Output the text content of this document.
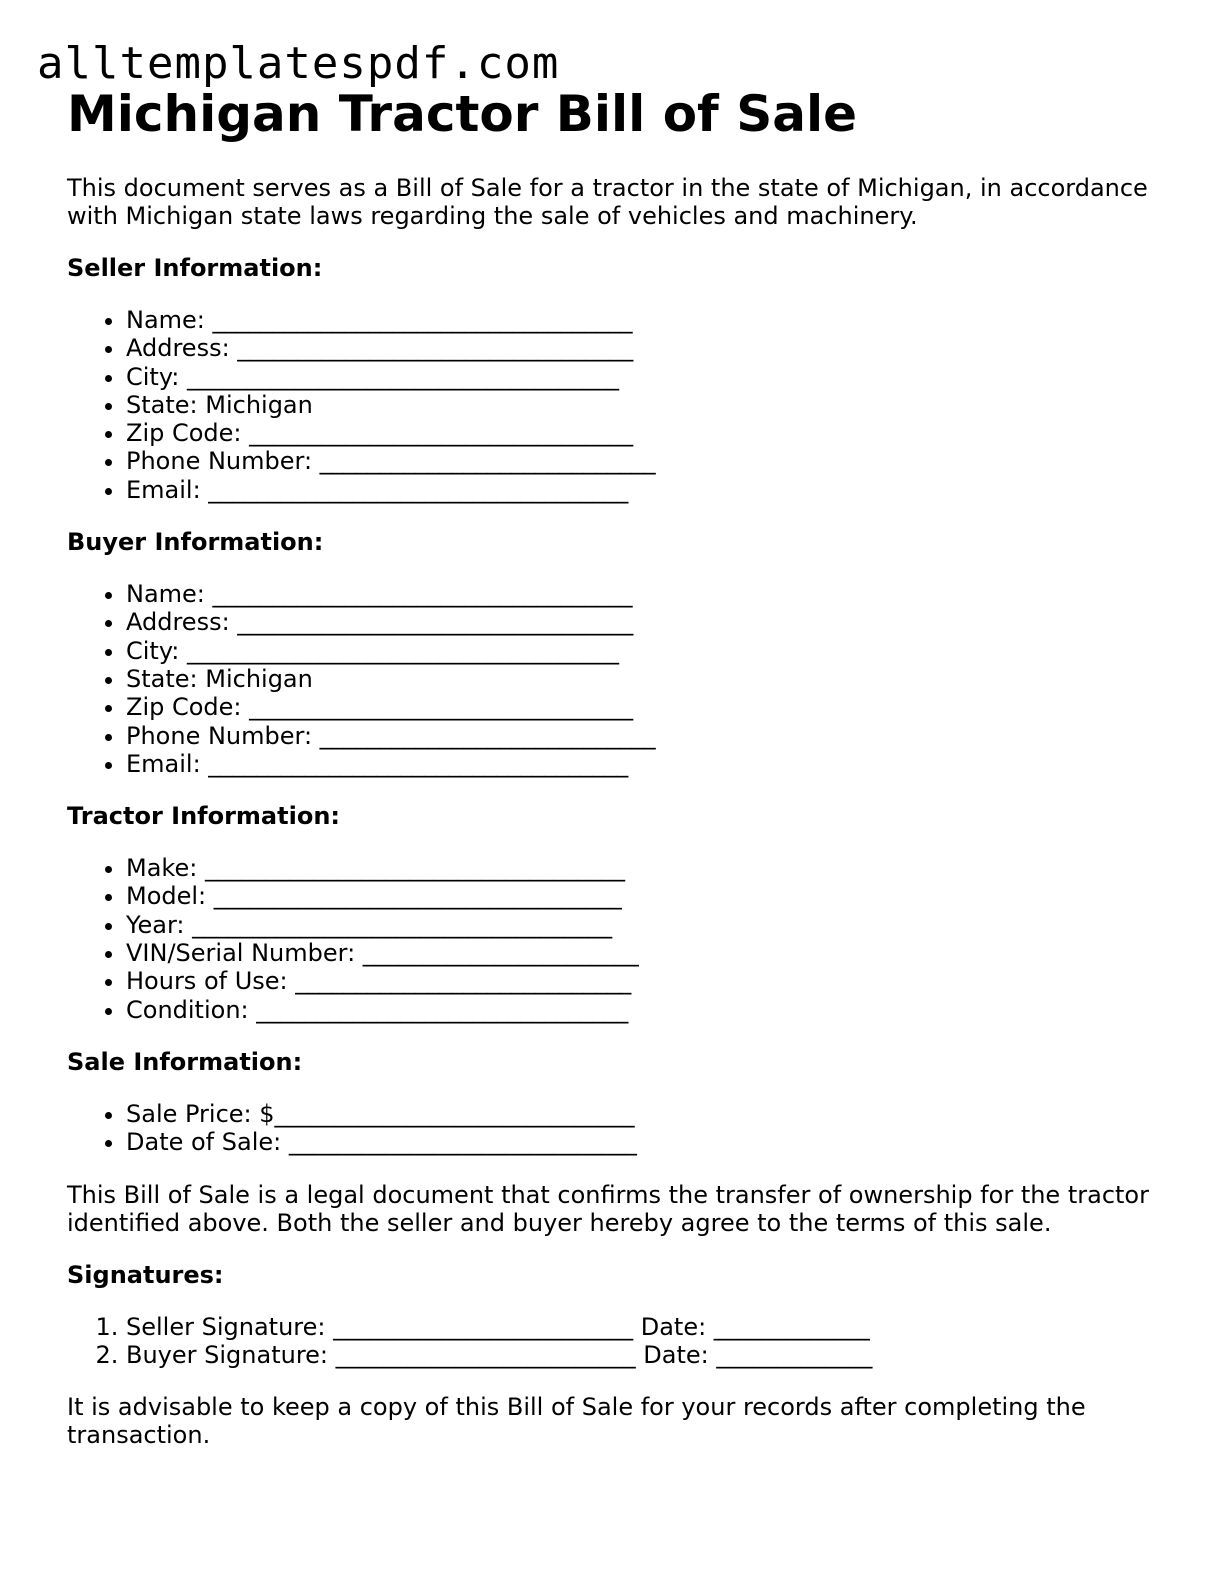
alltemplatespdf.com
Michigan Tractor Bill of Sale

This document serves as a Bill of Sale for a tractor in the state of Michigan, in accordance with Michigan state laws regarding the sale of vehicles and machinery.

Seller Information:
• Name: ___________________________________
• Address: _________________________________
• City: ____________________________________
• State: Michigan
• Zip Code: ________________________________
• Phone Number: ____________________________
• Email: ___________________________________
Buyer Information:
• Name: ___________________________________
• Address: _________________________________
• City: ____________________________________
• State: Michigan
• Zip Code: ________________________________
• Phone Number: ____________________________
• Email: ___________________________________
Tractor Information:
• Make: ___________________________________
• Model: __________________________________
• Year: ___________________________________
• VIN/Serial Number: _______________________
• Hours of Use: ____________________________
• Condition: _______________________________
Sale Information:
• Sale Price: $______________________________
• Date of Sale: _____________________________

This Bill of Sale is a legal document that confirms the transfer of ownership for the tractor identified above. Both the seller and buyer hereby agree to the terms of this sale.

Signatures:
1. Seller Signature: _________________________ Date: _____________
2. Buyer Signature: _________________________ Date: _____________

It is advisable to keep a copy of this Bill of Sale for your records after completing the transaction.
